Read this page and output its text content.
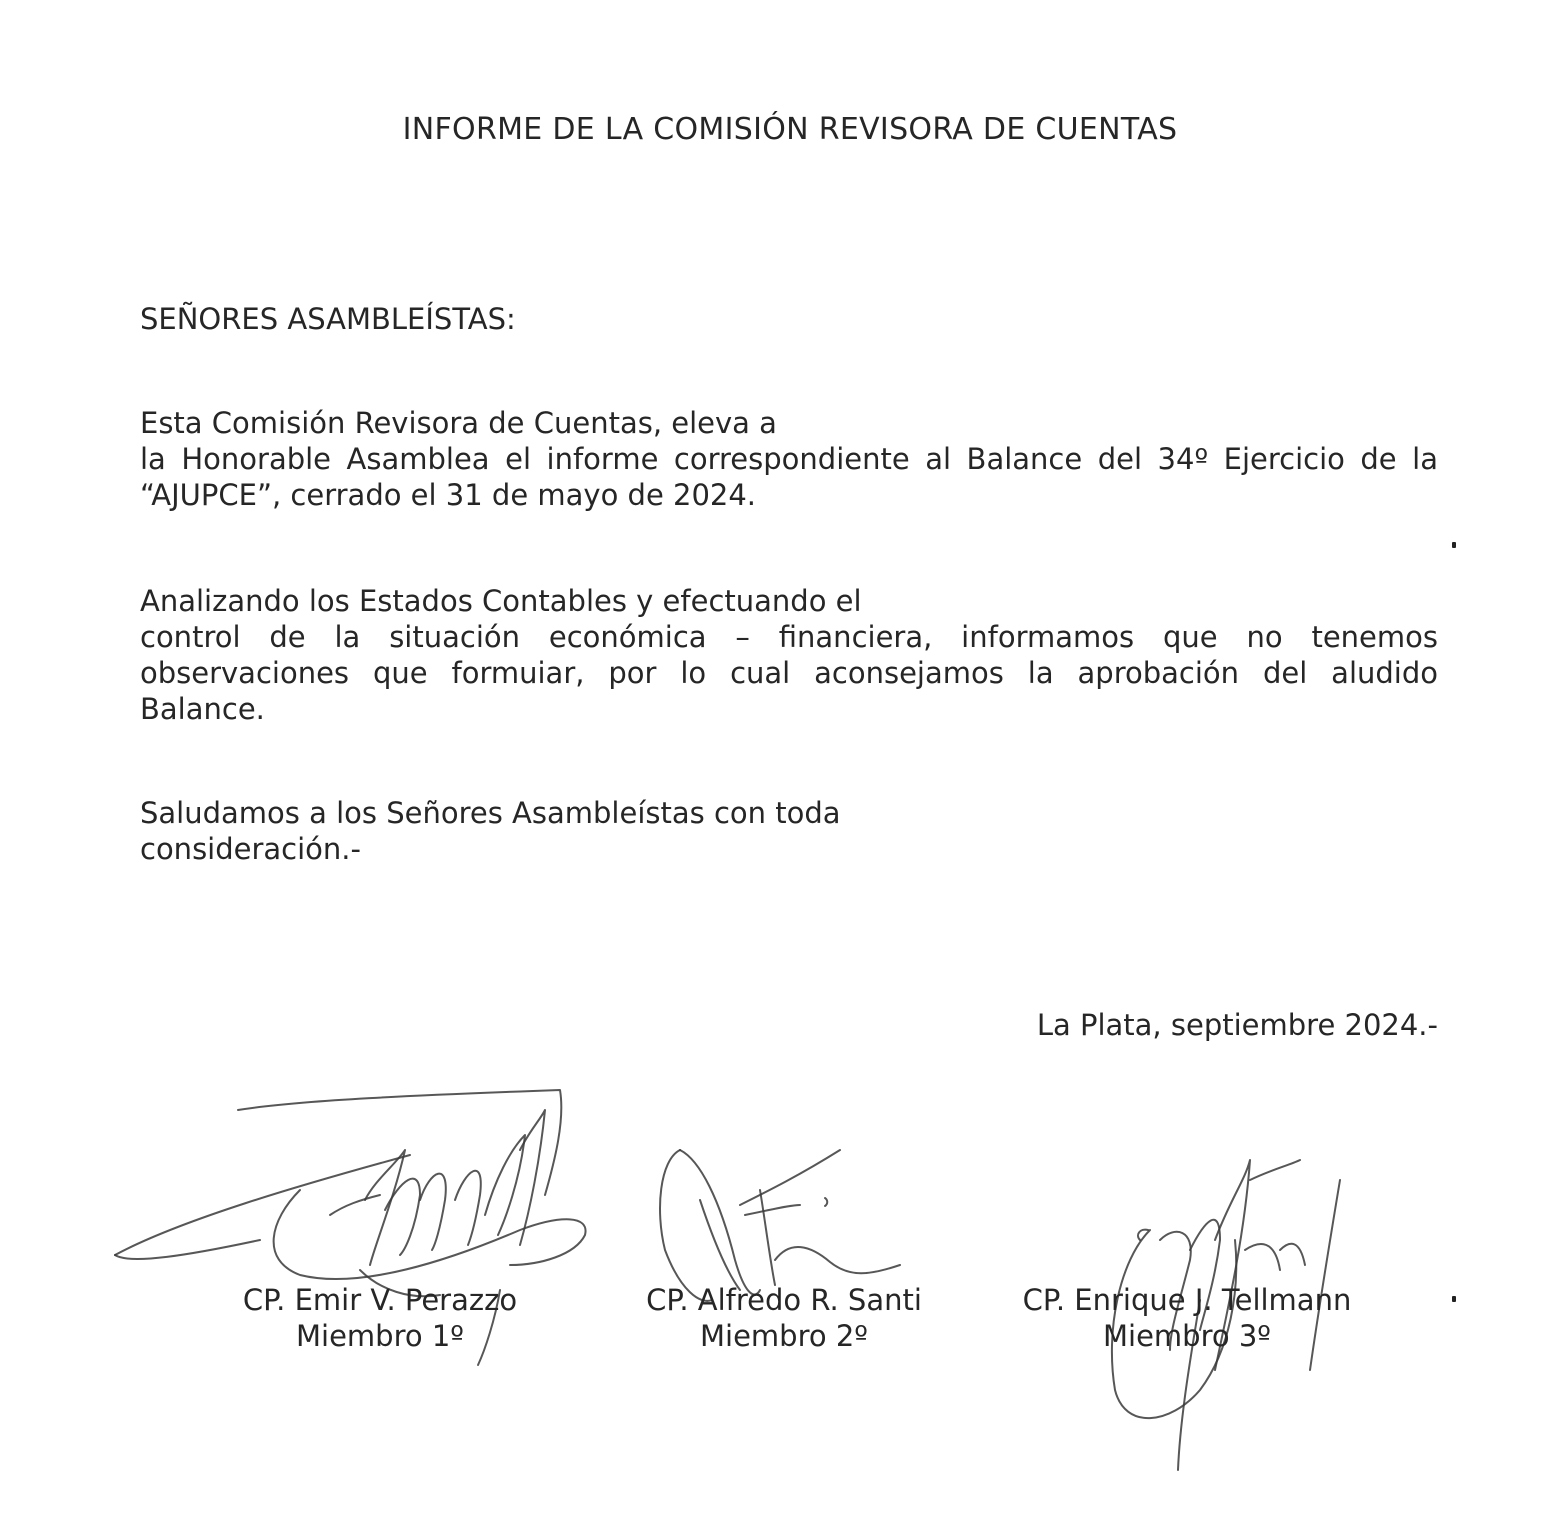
INFORME DE LA COMISIÓN REVISORA DE CUENTAS
SEÑORES ASAMBLEÍSTAS:
Esta Comisión Revisora de Cuentas, eleva a
la Honorable Asamblea el informe correspondiente al Balance del 34º Ejercicio de la
“AJUPCE”, cerrado el 31 de mayo de 2024.
Analizando los Estados Contables y efectuando el
control de la situación económica – financiera, informamos que no tenemos
observaciones que formuiar, por lo cual aconsejamos la aprobación del aludido
Balance.
Saludamos a los Señores Asambleístas con toda
consideración.-
La Plata, septiembre 2024.-
CP. Emir V. Perazzo
Miembro 1º
CP. Alfredo R. Santi
Miembro 2º
CP. Enrique J. Tellmann
Miembro 3º
